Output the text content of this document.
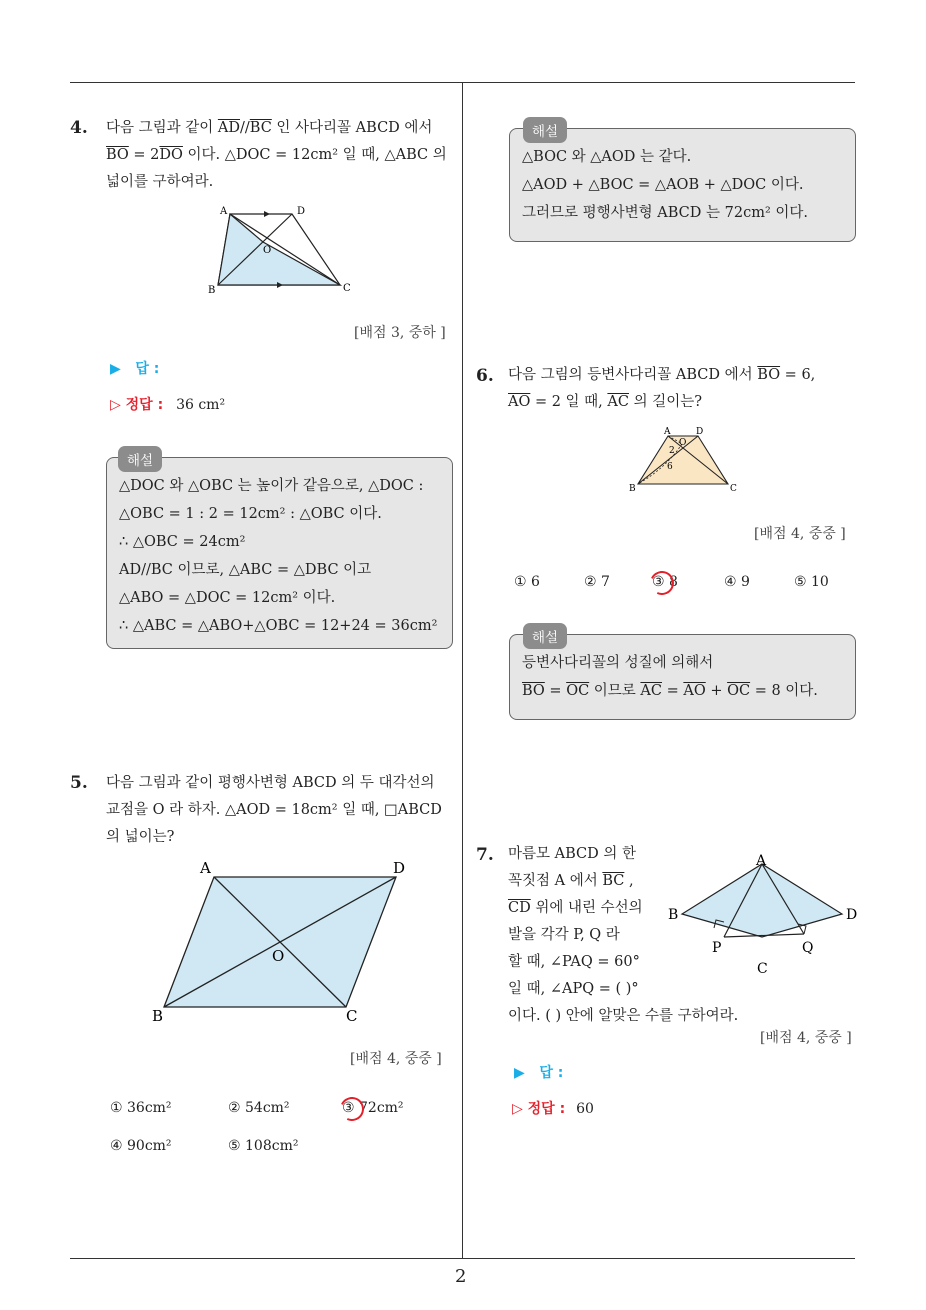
4. 다음 그림과 같이 $\overline{AD}//\overline{BC}$ 인 사다리꼴 ABCD 에서
$\overline{BO} = 2\overline{DO}$ 이다. △DOC = 12cm² 일 때, △ABC 의
넓이를 구하여라.
A	D
B	C
O
[배점 3, 중하 ]
▶ 답 :
▷ 정답 : 36 cm²
△DOC 와 △OBC 는 높이가 같음으로, △DOC :
△OBC = 1 : 2 = 12cm² : △OBC 이다.
∴ △OBC = 24cm²
AD//BC 이므로, △ABC = △DBC 이고
△ABO = △DOC = 12cm² 이다.
∴ △ABC = △ABO+△OBC = 12+24 = 36cm²
해설
5. 다음 그림과 같이 평행사변형 ABCD 의 두 대각선의
교점을 O 라 하자. △AOD = 18cm² 일 때, □ABCD
의 넓이는?
A	D
B	C
O
[배점 4, 중중 ]
① 36cm²	② 54cm²	③ 72cm²
④ 90cm²	⑤ 108cm²
△BOC 와 △AOD 는 같다.
△AOD + △BOC = △AOB + △DOC 이다.
그러므로 평행사변형 ABCD 는 72cm² 이다.
해설
6. 다음 그림의 등변사다리꼴 ABCD 에서 $\overline{BO} = 6$,
$\overline{AO} = 2$ 일 때, $\overline{AC}$ 의 길이는?
A	D
O
2
6
B	C
[배점 4, 중중 ]
① 6	② 7	③ 8	④ 9	⑤ 10
등변사다리꼴의 성질에 의해서
$\overline{BO} = \overline{OC}$ 이므로 $\overline{AC} = \overline{AO} + \overline{OC} = 8$ 이다.
해설
7. 마름모 ABCD 의 한
꼭짓점 A 에서 $\overline{BC}$ ,
$\overline{CD}$ 위에 내린 수선의
발을 각각 P, Q 라
할 때, ∠PAQ = 60°
일 때, ∠APQ = ( )°
이다. ( ) 안에 알맞은 수를 구하여라.
A
B	D
C
P	Q
[배점 4, 중중 ]
▶ 답 :
▷ 정답 : 60
2
